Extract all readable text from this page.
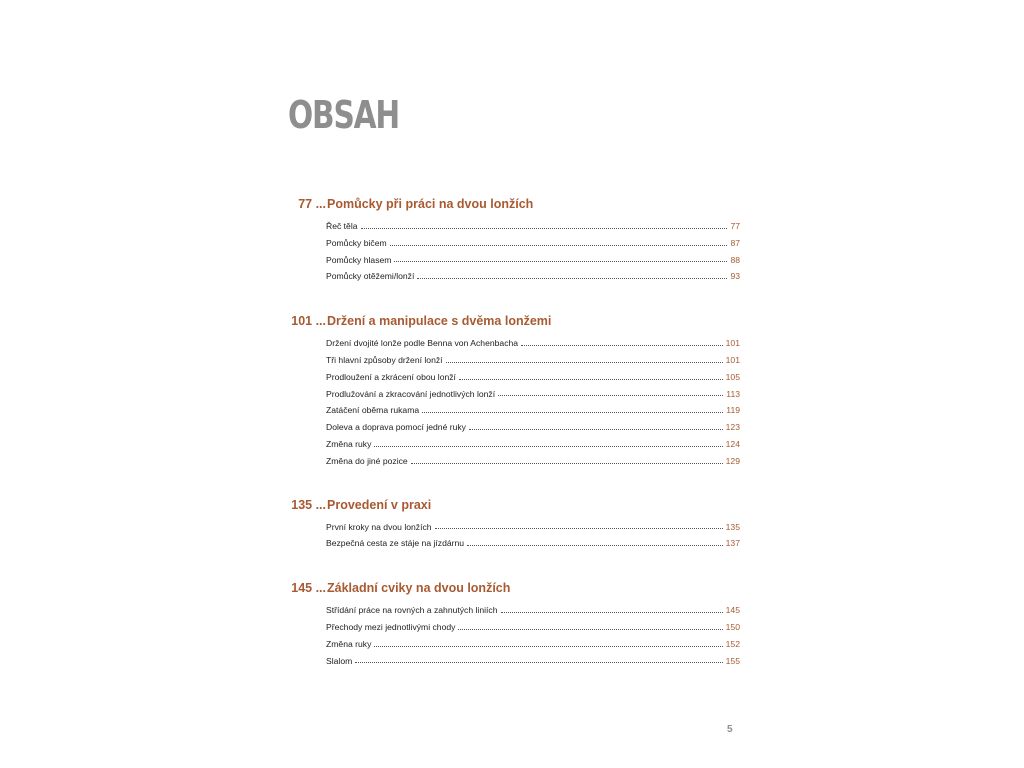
OBSAH
77 ... Pomůcky při práci na dvou lonžích
Řeč těla	77
Pomůcky bičem	87
Pomůcky hlasem	88
Pomůcky otěžemi/lonží	93
101 ... Držení a manipulace s dvěma lonžemi
Držení dvojité lonže podle Benna von Achenbacha	101
Tři hlavní způsoby držení lonží	101
Prodloužení a zkrácení obou lonží	105
Prodlužování a zkracování jednotlivých lonží	113
Zatáčení oběma rukama	119
Doleva a doprava pomocí jedné ruky	123
Změna ruky	124
Změna do jiné pozice	129
135 ... Provedení v praxi
První kroky na dvou lonžích	135
Bezpečná cesta ze stáje na jízdárnu	137
145 ... Základní cviky na dvou lonžích
Střídání práce na rovných a zahnutých liniích	145
Přechody mezi jednotlivými chody	150
Změna ruky	152
Slalom	155
5
